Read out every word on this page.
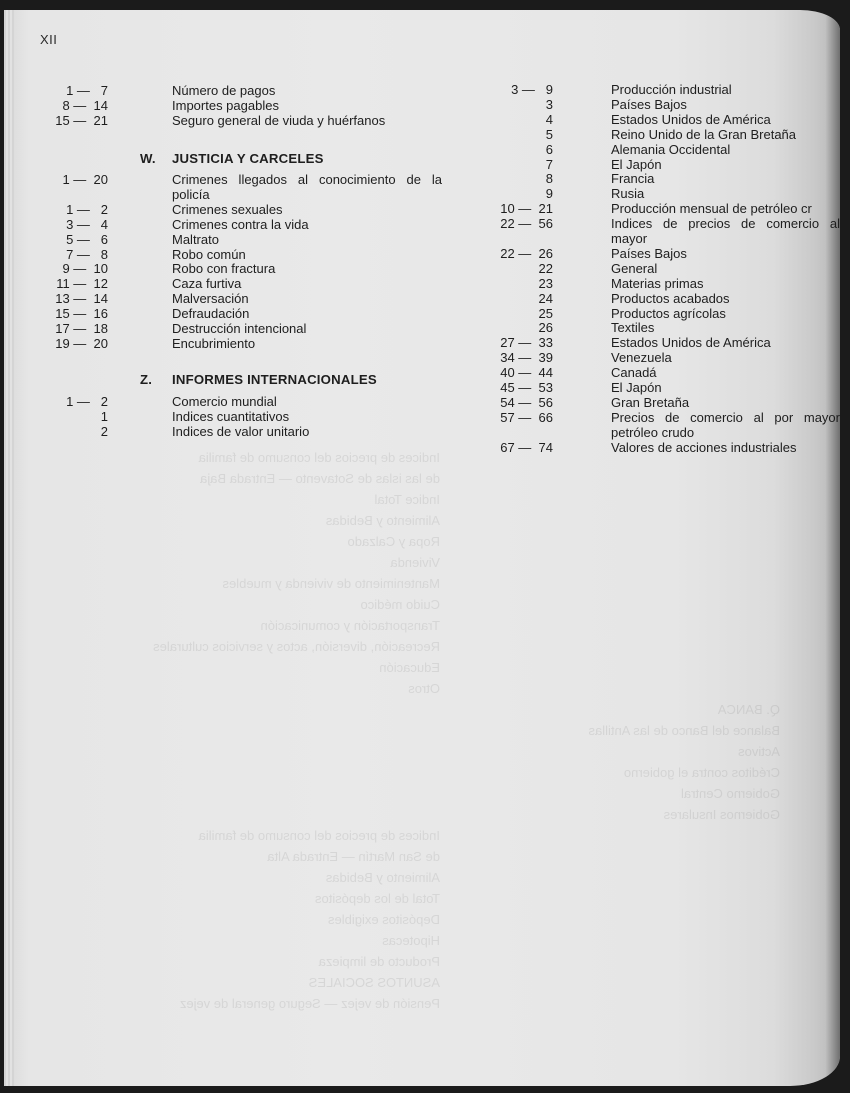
Indices de precios del consumo de familia
de las islas de Sotavento — Entrada Baja
Indice Total
Alimiento y Bebidas
Ropa y Calzado
Vivienda
Mantenimiento de vivienda y muebles
Cuido médico
Transportación y comunicación
Recreación, diversión, actos y servicios culturales
Educación
Otros
Q. BANCA
Balance del Banco de las Antillas
Activos
Créditos contra el gobierno
Gobierno Central
Gobiernos Insulares
Indices de precios del consumo de familia
de San Martín — Entrada Alta
Alimiento y Bebidas
Total de los depósitos
Depósitos exigibles
Hipotecas
Producto de limpieza
ASUNTOS SOCIALES
Pensión de vejez — Seguro general de vejez
XII
1 —   7	Número de pagos
8 —  14	Importes pagables
15 —  21	Seguro general de viuda y huérfanos
W. JUSTICIA Y CARCELES
1 —  20	Crimenes llegados al conocimiento de la
policía
1 —   2	Crimenes sexuales
3 —   4	Crimenes contra la vida
5 —   6	Maltrato
7 —   8	Robo común
9 —  10	Robo con fractura
11 —  12	Caza furtiva
13 —  14	Malversación
15 —  16	Defraudación
17 —  18	Destrucción intencional
19 —  20	Encubrimiento
Z. INFORMES INTERNACIONALES
1 —   2	Comercio mundial
1	Indices cuantitativos
2	Indices de valor unitario
3 —   9	Producción industrial
3	Países Bajos
4	Estados Unidos de América
5	Reino Unido de la Gran Bretaña
6	Alemania Occidental
7	El Japón
8	Francia
9	Rusia
10 —  21	Producción mensual de petróleo cr
22 —  56	Indices de precios de comercio al
mayor
22 —  26	Países Bajos
22	General
23	Materias primas
24	Productos acabados
25	Productos agrícolas
26	Textiles
27 —  33	Estados Unidos de América
34 —  39	Venezuela
40 —  44	Canadá
45 —  53	El Japón
54 —  56	Gran Bretaña
57 —  66	Precios de comercio al por mayor
petróleo crudo
67 —  74	Valores de acciones industriales
